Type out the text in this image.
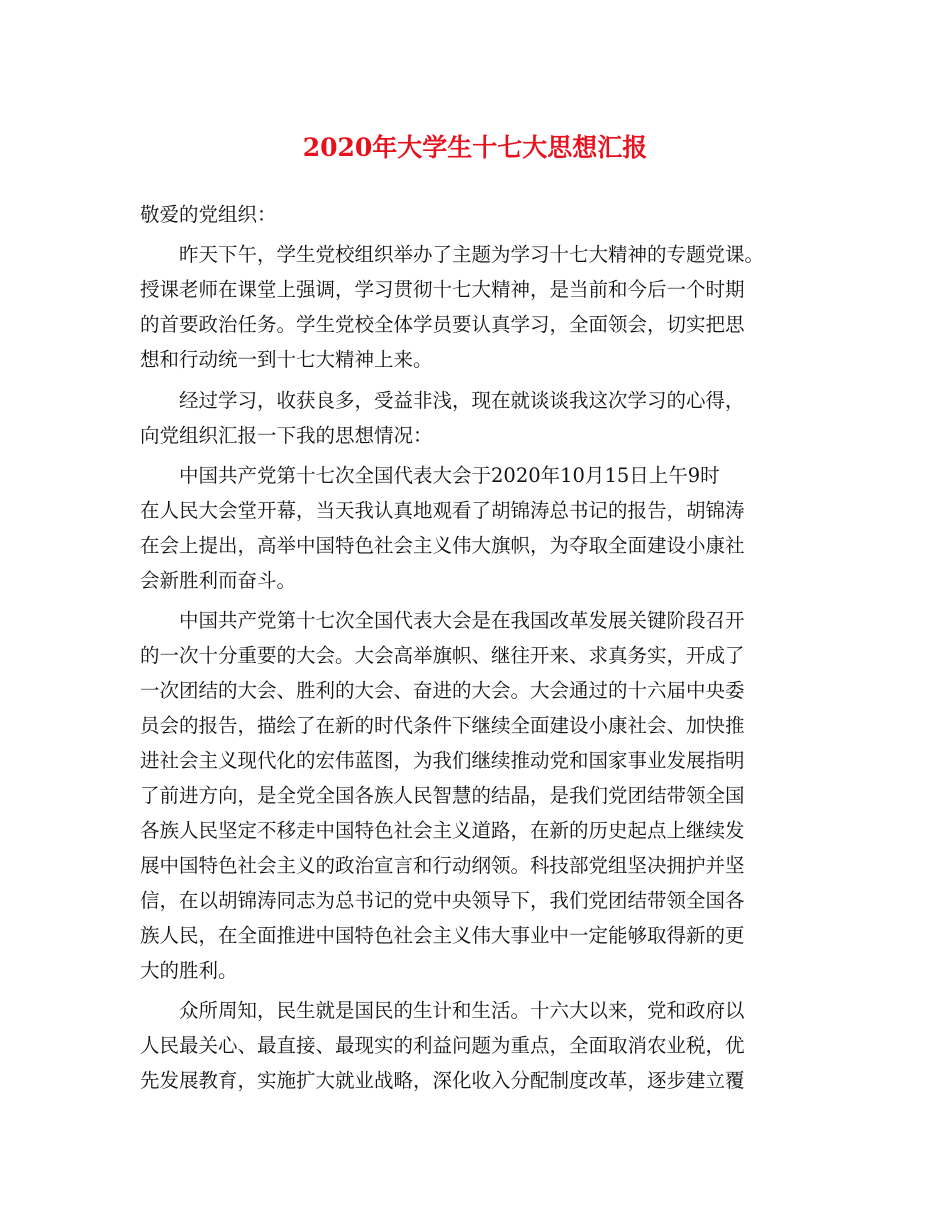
2020年大学生十七大思想汇报

敬爱的党组织：

　　昨天下午，学生党校组织举办了主题为学习十七大精神的专题党课。

授课老师在课堂上强调，学习贯彻十七大精神，是当前和今后一个时期

的首要政治任务。学生党校全体学员要认真学习，全面领会，切实把思

想和行动统一到十七大精神上来。

　　经过学习，收获良多，受益非浅，现在就谈谈我这次学习的心得，

向党组织汇报一下我的思想情况：

　　中国共产党第十七次全国代表大会于2020年10月15日上午9时

在人民大会堂开幕，当天我认真地观看了胡锦涛总书记的报告，胡锦涛

在会上提出，高举中国特色社会主义伟大旗帜，为夺取全面建设小康社

会新胜利而奋斗。

　　中国共产党第十七次全国代表大会是在我国改革发展关键阶段召开

的一次十分重要的大会。大会高举旗帜、继往开来、求真务实，开成了

一次团结的大会、胜利的大会、奋进的大会。大会通过的十六届中央委

员会的报告，描绘了在新的时代条件下继续全面建设小康社会、加快推

进社会主义现代化的宏伟蓝图，为我们继续推动党和国家事业发展指明

了前进方向，是全党全国各族人民智慧的结晶，是我们党团结带领全国

各族人民坚定不移走中国特色社会主义道路，在新的历史起点上继续发

展中国特色社会主义的政治宣言和行动纲领。科技部党组坚决拥护并坚

信，在以胡锦涛同志为总书记的党中央领导下，我们党团结带领全国各

族人民，在全面推进中国特色社会主义伟大事业中一定能够取得新的更

大的胜利。

　　众所周知，民生就是国民的生计和生活。十六大以来，党和政府以

人民最关心、最直接、最现实的利益问题为重点，全面取消农业税，优

先发展教育，实施扩大就业战略，深化收入分配制度改革，逐步建立覆
